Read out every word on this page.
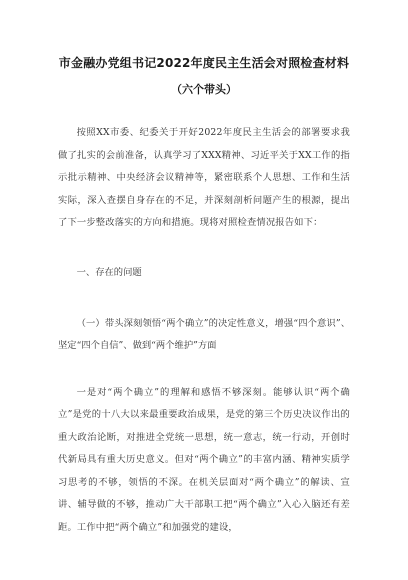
市金融办党组书记2022年度民主生活会对照检查材料
（六个带头）

按照XX市委、纪委关于开好2022年度民主生活会的部署要求我做了扎实的会前准备，认真学习了XXX精神、习近平关于XX工作的指示批示精神、中央经济会议精神等，紧密联系个人思想、工作和生活实际，深入查摆自身存在的不足，并深刻剖析问题产生的根源，提出了下一步整改落实的方向和措施。现将对照检查情况报告如下：

一、存在的问题

（一）带头深刻领悟“两个确立”的决定性意义，增强“四个意识”、坚定“四个自信”、做到“两个维护”方面

一是对“两个确立”的理解和感悟不够深刻。能够认识“两个确立”是党的十八大以来最重要政治成果，是党的第三个历史决议作出的重大政治论断，对推进全党统一思想，统一意志，统一行动，开创时代新局具有重大历史意义。但对“两个确立”的丰富内涵、精神实质学习思考的不够，领悟的不深。在机关层面对“两个确立”的解读、宣讲、辅导做的不够，推动广大干部职工把“两个确立”入心入脑还有差距。工作中把“两个确立”和加强党的建设，
